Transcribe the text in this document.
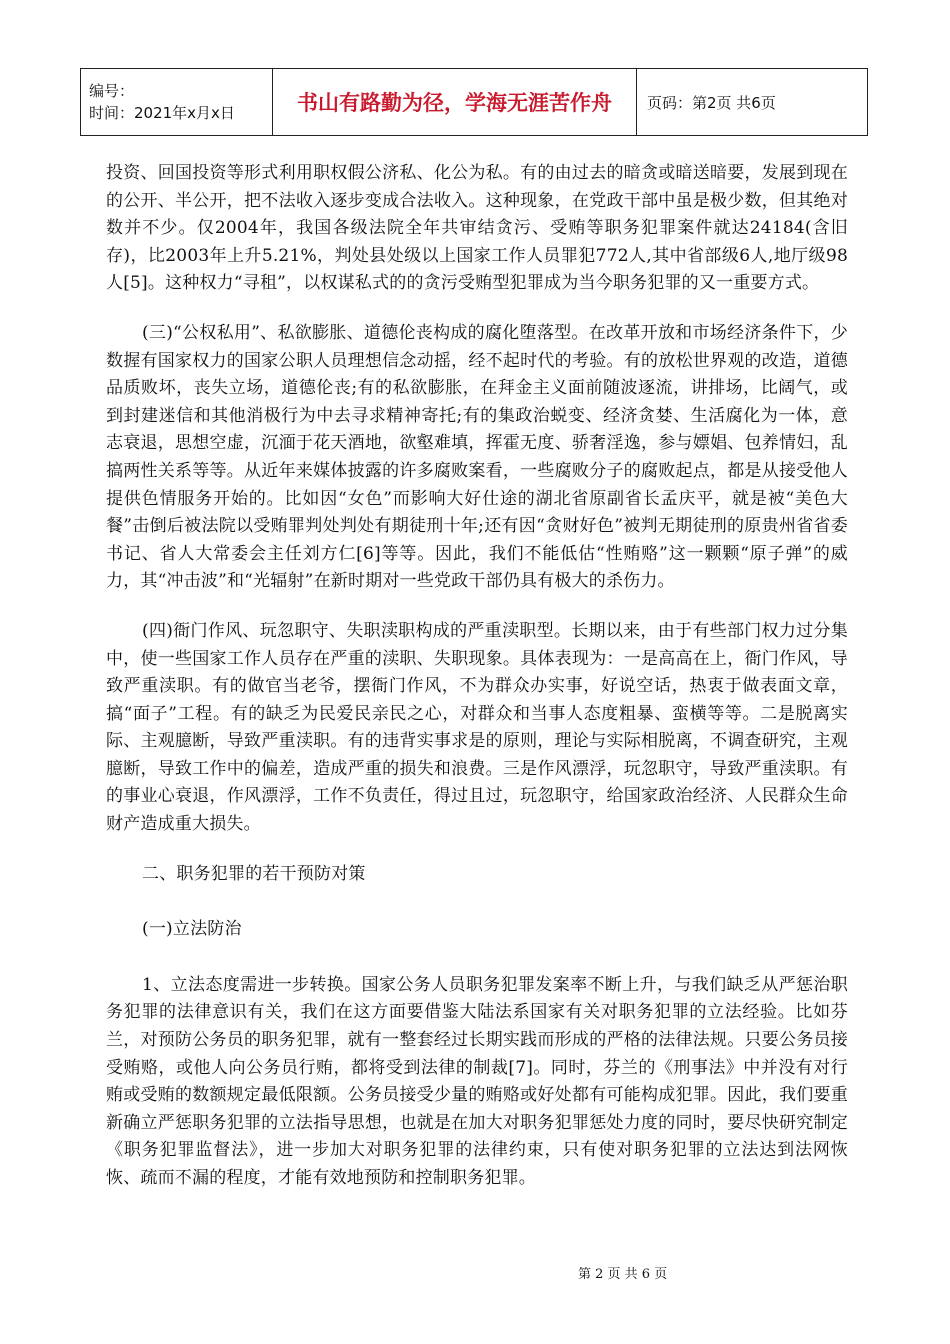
编号：
时间：2021年x月x日	书山有路勤为径，学海无涯苦作舟 页码：第2页 共6页

投资、回国投资等形式利用职权假公济私、化公为私。有的由过去的暗贪或暗送暗要，发展到现在的公开、半公开，把不法收入逐步变成合法收入。这种现象，在党政干部中虽是极少数，但其绝对数并不少。仅2004年，我国各级法院全年共审结贪污、受贿等职务犯罪案件就达24184(含旧存)，比2003年上升5.21%，判处县处级以上国家工作人员罪犯772人,其中省部级6人,地厅级98人[5]。这种权力“寻租”，以权谋私式的的贪污受贿型犯罪成为当今职务犯罪的又一重要方式。

(三)“公权私用”、私欲膨胀、道德伦丧构成的腐化堕落型。在改革开放和市场经济条件下，少数握有国家权力的国家公职人员理想信念动摇，经不起时代的考验。有的放松世界观的改造，道德品质败坏，丧失立场，道德伦丧;有的私欲膨胀，在拜金主义面前随波逐流，讲排场，比阔气，或到封建迷信和其他消极行为中去寻求精神寄托;有的集政治蜕变、经济贪婪、生活腐化为一体，意志衰退，思想空虚，沉湎于花天酒地，欲壑难填，挥霍无度、骄奢淫逸，参与嫖娼、包养情妇，乱搞两性关系等等。从近年来媒体披露的许多腐败案看，一些腐败分子的腐败起点，都是从接受他人提供色情服务开始的。比如因“女色”而影响大好仕途的湖北省原副省长孟庆平，就是被“美色大餐”击倒后被法院以受贿罪判处判处有期徒刑十年;还有因“贪财好色”被判无期徒刑的原贵州省省委书记、省人大常委会主任刘方仁[6]等等。因此，我们不能低估“性贿赂”这一颗颗“原子弹”的威力，其“冲击波”和“光辐射”在新时期对一些党政干部仍具有极大的杀伤力。

(四)衙门作风、玩忽职守、失职渎职构成的严重渎职型。长期以来，由于有些部门权力过分集中，使一些国家工作人员存在严重的渎职、失职现象。具体表现为：一是高高在上，衙门作风，导致严重渎职。有的做官当老爷，摆衙门作风，不为群众办实事，好说空话，热衷于做表面文章，搞“面子”工程。有的缺乏为民爱民亲民之心，对群众和当事人态度粗暴、蛮横等等。二是脱离实际、主观臆断，导致严重渎职。有的违背实事求是的原则，理论与实际相脱离，不调查研究，主观臆断，导致工作中的偏差，造成严重的损失和浪费。三是作风漂浮，玩忽职守，导致严重渎职。有的事业心衰退，作风漂浮，工作不负责任，得过且过，玩忽职守，给国家政治经济、人民群众生命财产造成重大损失。

二、职务犯罪的若干预防对策

(一)立法防治

1、立法态度需进一步转换。国家公务人员职务犯罪发案率不断上升，与我们缺乏从严惩治职务犯罪的法律意识有关，我们在这方面要借鉴大陆法系国家有关对职务犯罪的立法经验。比如芬兰，对预防公务员的职务犯罪，就有一整套经过长期实践而形成的严格的法律法规。只要公务员接受贿赂，或他人向公务员行贿，都将受到法律的制裁[7]。同时，芬兰的《刑事法》中并没有对行贿或受贿的数额规定最低限额。公务员接受少量的贿赂或好处都有可能构成犯罪。因此，我们要重新确立严惩职务犯罪的立法指导思想，也就是在加大对职务犯罪惩处力度的同时，要尽快研究制定《职务犯罪监督法》，进一步加大对职务犯罪的法律约束，只有使对职务犯罪的立法达到法网恢恢、疏而不漏的程度，才能有效地预防和控制职务犯罪。

第 2 页 共 6 页
